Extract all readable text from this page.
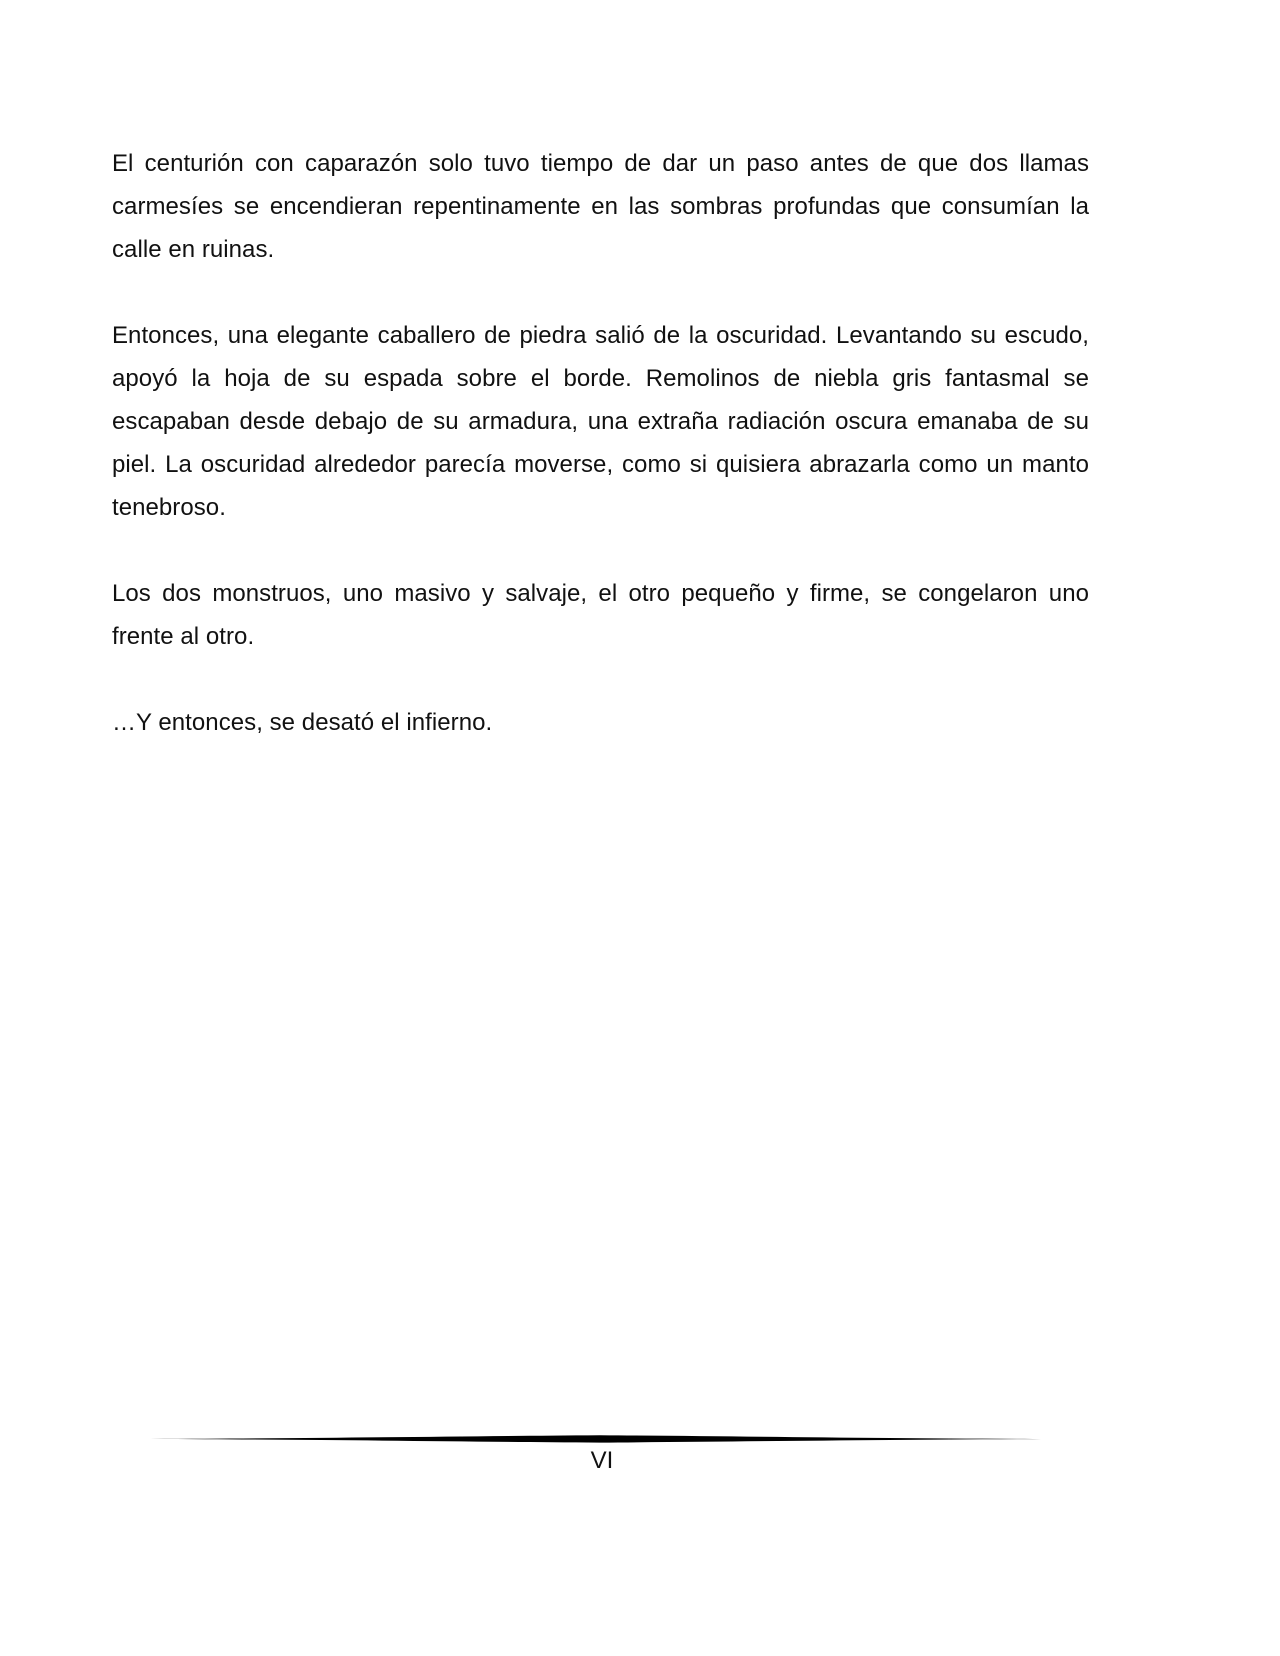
El centurión con caparazón solo tuvo tiempo de dar un paso antes de que dos llamas carmesíes se encendieran repentinamente en las sombras profundas que consumían la calle en ruinas.

Entonces, una elegante caballero de piedra salió de la oscuridad. Levantando su escudo, apoyó la hoja de su espada sobre el borde. Remolinos de niebla gris fantasmal se escapaban desde debajo de su armadura, una extraña radiación oscura emanaba de su piel. La oscuridad alrededor parecía moverse, como si quisiera abrazarla como un manto tenebroso.

Los dos monstruos, uno masivo y salvaje, el otro pequeño y firme, se congelaron uno frente al otro.

…Y entonces, se desató el infierno.

VI
